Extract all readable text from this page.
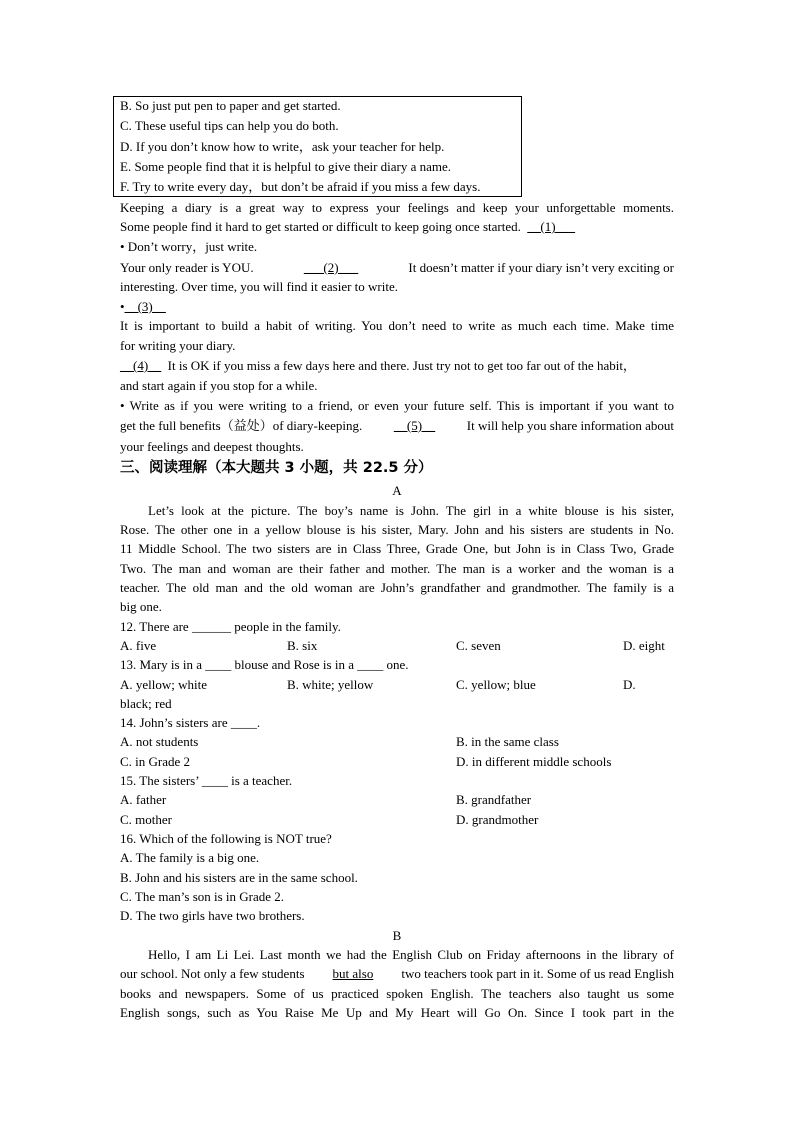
B. So just put pen to paper and get started.
C. These useful tips can help you do both.
D. If you don’t know how to write，ask your teacher for help.
E. Some people find that it is helpful to give their diary a name.
F. Try to write every day，but don’t be afraid if you miss a few days.
Keeping a diary is a great way to express your feelings and keep your unforgettable moments.
Some people find it hard to get started or difficult to keep going once started. __(1)___
• Don’t worry，just write.
Your only reader is YOU.	___(2)___	It doesn’t matter if your diary isn’t very exciting or
interesting. Over time, you will find it easier to write.
•__(3)__
It is important to build a habit of writing. You don’t need to write as much each time. Make time
for writing your diary.
__(4)__ It is OK if you miss a few days here and there. Just try not to get too far out of the habit，
and start again if you stop for a while.
• Write as if you were writing to a friend, or even your future self. This is important if you want to
get the full benefits（益处）of diary-keeping. __(5)__ It will help you share information about
your feelings and deepest thoughts.
三、阅读理解（本大题共 3 小题，共 22.5 分）
A
Let’s look at the picture. The boy’s name is John. The girl in a white blouse is his sister,
Rose. The other one in a yellow blouse is his sister, Mary. John and his sisters are students in No.
11 Middle School. The two sisters are in Class Three, Grade One, but John is in Class Two, Grade
Two. The man and woman are their father and mother. The man is a worker and the woman is a
teacher. The old man and the old woman are John’s grandfather and grandmother. The family is a
big one.
12. There are ______ people in the family.
A. five	B. six	C. seven	D. eight
13. Mary is in a ____ blouse and Rose is in a ____ one.
A. yellow; white	B. white; yellow	C. yellow; blue	D.
black; red
14. John’s sisters are ____.
A. not students	B. in the same class
C. in Grade 2	D. in different middle schools
15. The sisters’ ____ is a teacher.
A. father	B. grandfather
C. mother	D. grandmother
16. Which of the following is NOT true?
A. The family is a big one.
B. John and his sisters are in the same school.
C. The man’s son is in Grade 2.
D. The two girls have two brothers.
B
Hello, I am Li Lei. Last month we had the English Club on Friday afternoons in the library of
our school. Not only a few students but also two teachers took part in it. Some of us read English
books and newspapers. Some of us practiced spoken English. The teachers also taught us some
English songs, such as You Raise Me Up and My Heart will Go On. Since I took part in the
